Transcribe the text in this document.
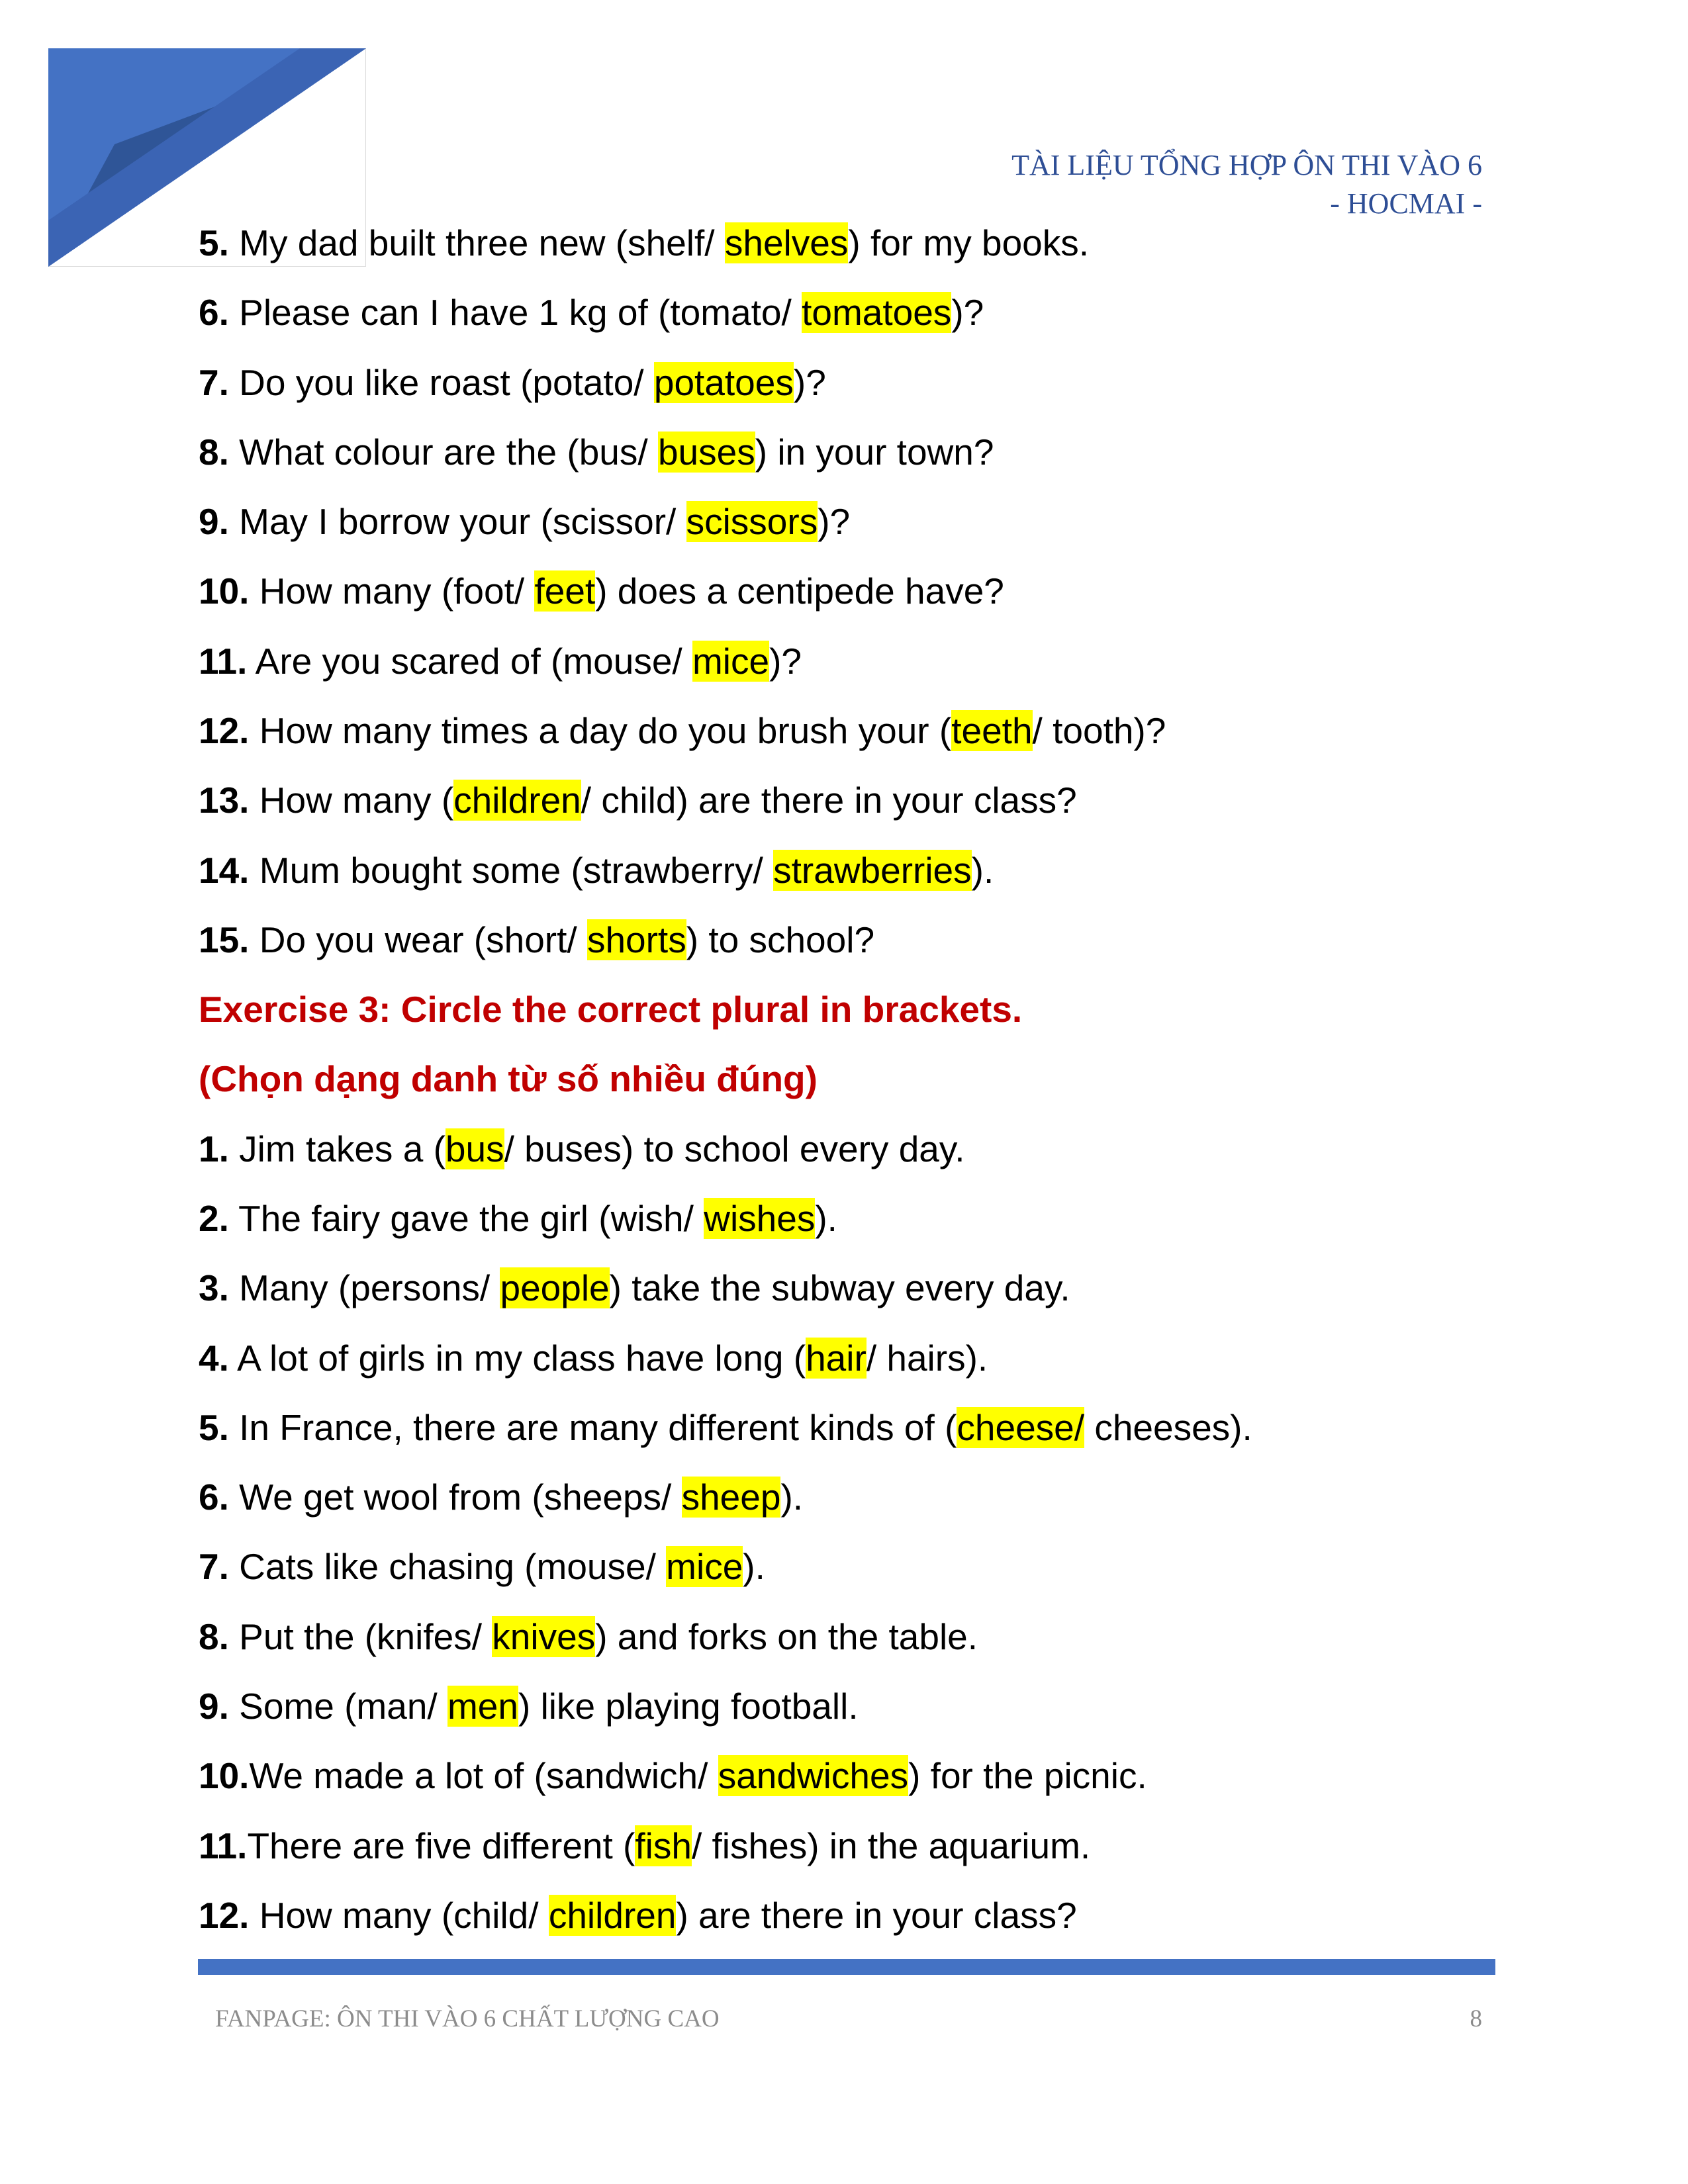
TÀI LIỆU TỔNG HỢP ÔN THI VÀO 6
- HOCMAI -
5. My dad built three new (shelf/ shelves) for my books.
6. Please can I have 1 kg of (tomato/ tomatoes)?
7. Do you like roast (potato/ potatoes)?
8. What colour are the (bus/ buses) in your town?
9. May I borrow your (scissor/ scissors)?
10. How many (foot/ feet) does a centipede have?
11. Are you scared of (mouse/ mice)?
12. How many times a day do you brush your (teeth/ tooth)?
13. How many (children/ child) are there in your class?
14. Mum bought some (strawberry/ strawberries).
15. Do you wear (short/ shorts) to school?
Exercise 3: Circle the correct plural in brackets.
(Chọn dạng danh từ số nhiều đúng)
1. Jim takes a (bus/ buses) to school every day.
2. The fairy gave the girl (wish/ wishes).
3. Many (persons/ people) take the subway every day.
4. A lot of girls in my class have long (hair/ hairs).
5. In France, there are many different kinds of (cheese/ cheeses).
6. We get wool from (sheeps/ sheep).
7. Cats like chasing (mouse/ mice).
8. Put the (knifes/ knives) and forks on the table.
9. Some (man/ men) like playing football.
10.We made a lot of (sandwich/ sandwiches) for the picnic.
11.There are five different (fish/ fishes) in the aquarium.
12. How many (child/ children) are there in your class?
FANPAGE: ÔN THI VÀO 6 CHẤT LƯỢNG CAO	8
